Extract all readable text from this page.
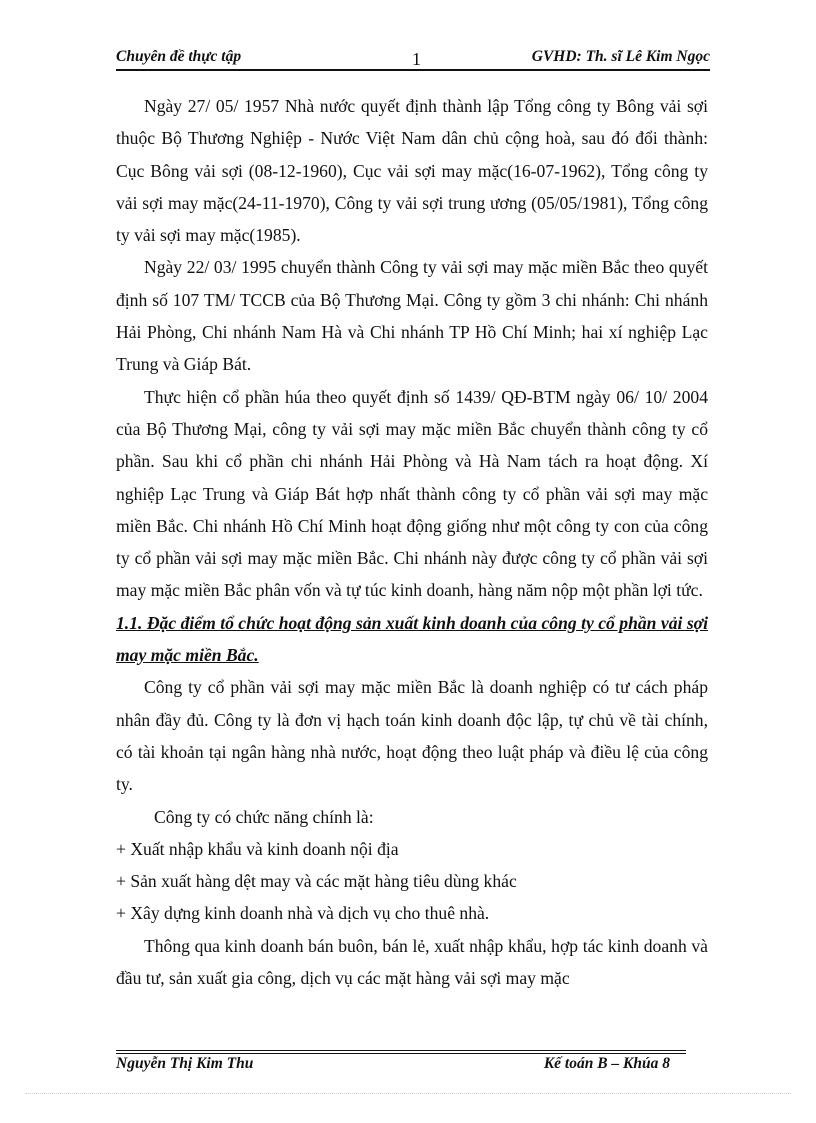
Chuyên đề thực tập	1	GVHD: Th. sĩ Lê Kim Ngọc

Ngày 27/ 05/ 1957 Nhà nước quyết định thành lập Tổng công ty Bông vải sợi thuộc Bộ Thương Nghiệp - Nước Việt Nam dân chủ cộng hoà, sau đó đổi thành: Cục Bông vải sợi (08-12-1960), Cục vải sợi may mặc(16-07-1962), Tổng công ty vải sợi may mặc(24-11-1970), Công ty vải sợi trung ương (05/05/1981), Tổng công ty vải sợi may mặc(1985).

Ngày 22/ 03/ 1995 chuyển thành Công ty vải sợi may mặc miền Bắc theo quyết định số 107 TM/ TCCB của Bộ Thương Mại. Công ty gồm 3 chi nhánh: Chi nhánh Hải Phòng, Chi nhánh Nam Hà và Chi nhánh TP Hồ Chí Minh; hai xí nghiệp Lạc Trung và Giáp Bát.

Thực hiện cổ phần húa theo quyết định số 1439/ QĐ-BTM ngày 06/ 10/ 2004 của Bộ Thương Mại, công ty vải sợi may mặc miền Bắc chuyển thành công ty cổ phần. Sau khi cổ phần chi nhánh Hải Phòng và Hà Nam tách ra hoạt động. Xí nghiệp Lạc Trung và Giáp Bát hợp nhất thành công ty cổ phần vải sợi may mặc miền Bắc. Chi nhánh Hồ Chí Minh hoạt động giống như một công ty con của công ty cổ phần vải sợi may mặc miền Bắc. Chi nhánh này được công ty cổ phần vải sợi may mặc miền Bắc phân vốn và tự túc kinh doanh, hàng năm nộp một phần lợi tức.

1.1. Đặc điểm tổ chức hoạt động sản xuất kinh doanh của công ty cổ phần vải sợi may mặc miền Bắc.

Công ty cổ phần vải sợi may mặc miền Bắc là doanh nghiệp có tư cách pháp nhân đầy đủ. Công ty là đơn vị hạch toán kinh doanh độc lập, tự chủ về tài chính, có tài khoản tại ngân hàng nhà nước, hoạt động theo luật pháp và điều lệ của công ty.

Công ty có chức năng chính là:

+ Xuất nhập khẩu và kinh doanh nội địa

+ Sản xuất hàng dệt may và các mặt hàng tiêu dùng khác

+ Xây dựng kinh doanh nhà và dịch vụ cho thuê nhà.

Thông qua kinh doanh bán buôn, bán lẻ, xuất nhập khẩu, hợp tác kinh doanh và đầu tư, sản xuất gia công, dịch vụ các mặt hàng vải sợi may mặc

Nguyễn Thị Kim Thu	Kế toán B – Khúa 8
